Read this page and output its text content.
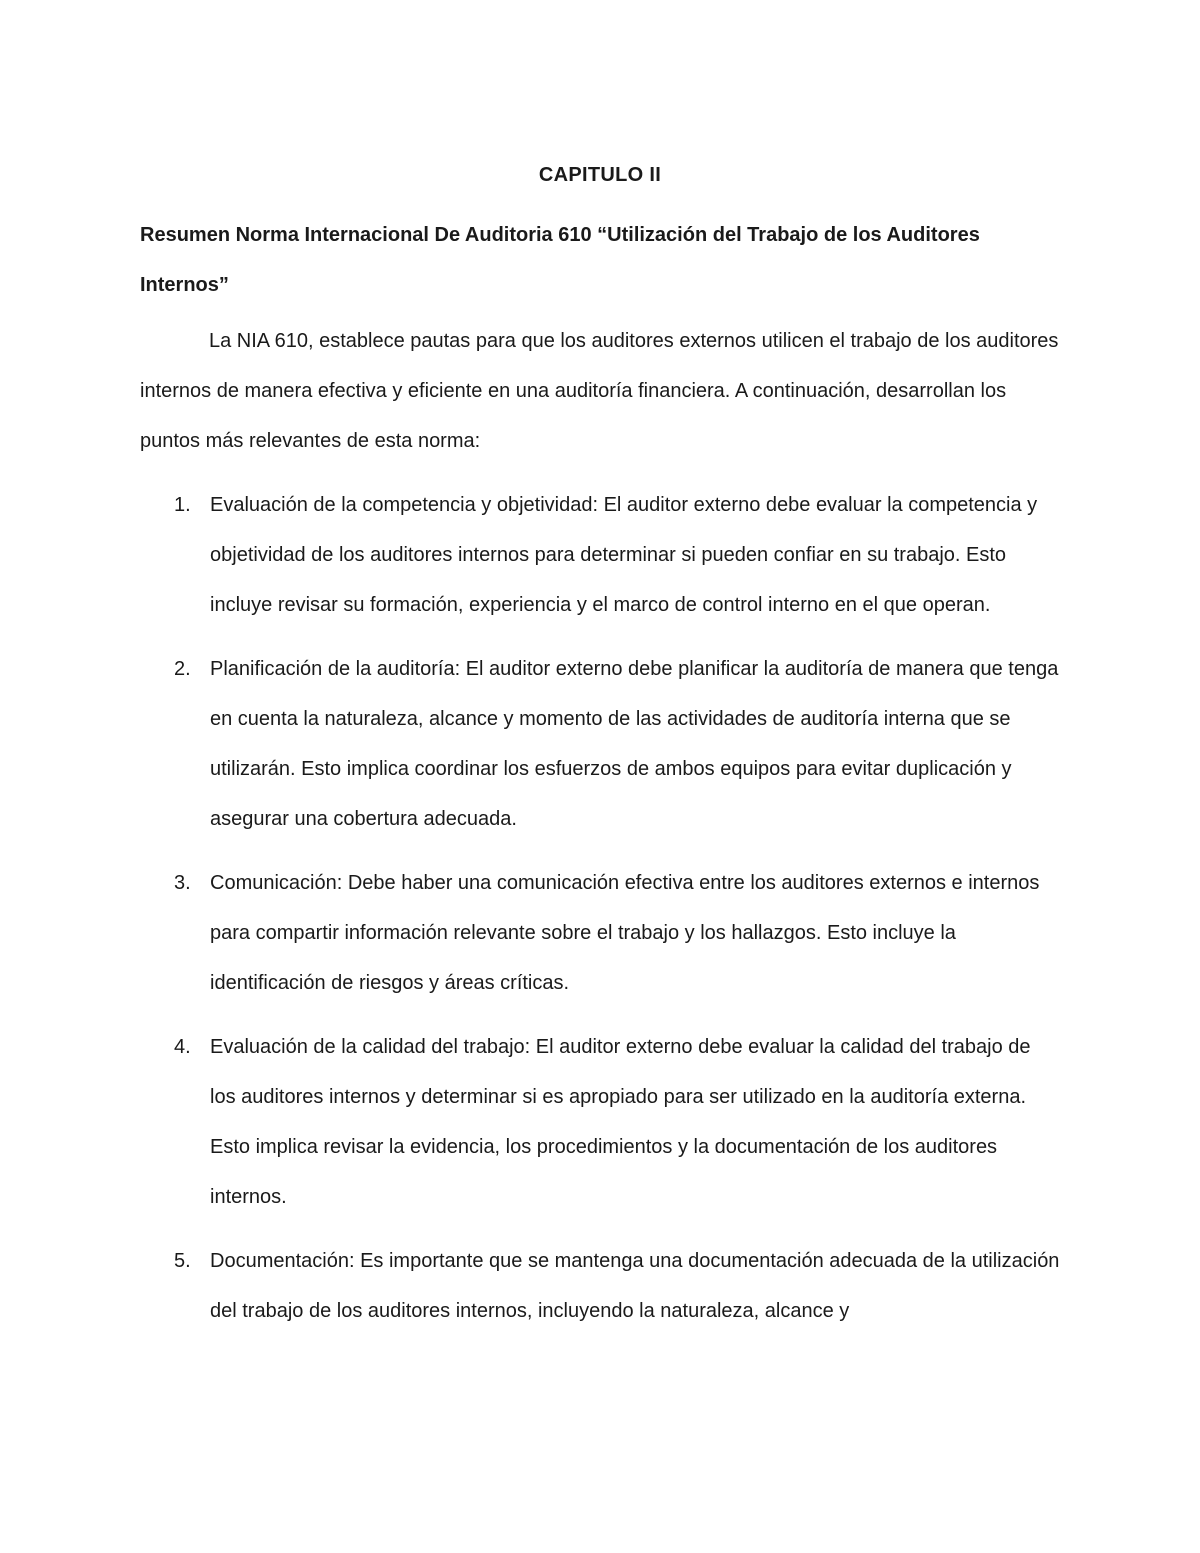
CAPITULO II

Resumen Norma Internacional De Auditoria 610 “Utilización del Trabajo de los Auditores Internos”

La NIA 610, establece pautas para que los auditores externos utilicen el trabajo de los auditores internos de manera efectiva y eficiente en una auditoría financiera. A continuación, desarrollan los puntos más relevantes de esta norma:

1. Evaluación de la competencia y objetividad: El auditor externo debe evaluar la competencia y objetividad de los auditores internos para determinar si pueden confiar en su trabajo. Esto incluye revisar su formación, experiencia y el marco de control interno en el que operan.
2. Planificación de la auditoría: El auditor externo debe planificar la auditoría de manera que tenga en cuenta la naturaleza, alcance y momento de las actividades de auditoría interna que se utilizarán. Esto implica coordinar los esfuerzos de ambos equipos para evitar duplicación y asegurar una cobertura adecuada.
3. Comunicación: Debe haber una comunicación efectiva entre los auditores externos e internos para compartir información relevante sobre el trabajo y los hallazgos. Esto incluye la identificación de riesgos y áreas críticas.
4. Evaluación de la calidad del trabajo: El auditor externo debe evaluar la calidad del trabajo de los auditores internos y determinar si es apropiado para ser utilizado en la auditoría externa. Esto implica revisar la evidencia, los procedimientos y la documentación de los auditores internos.
5. Documentación: Es importante que se mantenga una documentación adecuada de la utilización del trabajo de los auditores internos, incluyendo la naturaleza, alcance y
